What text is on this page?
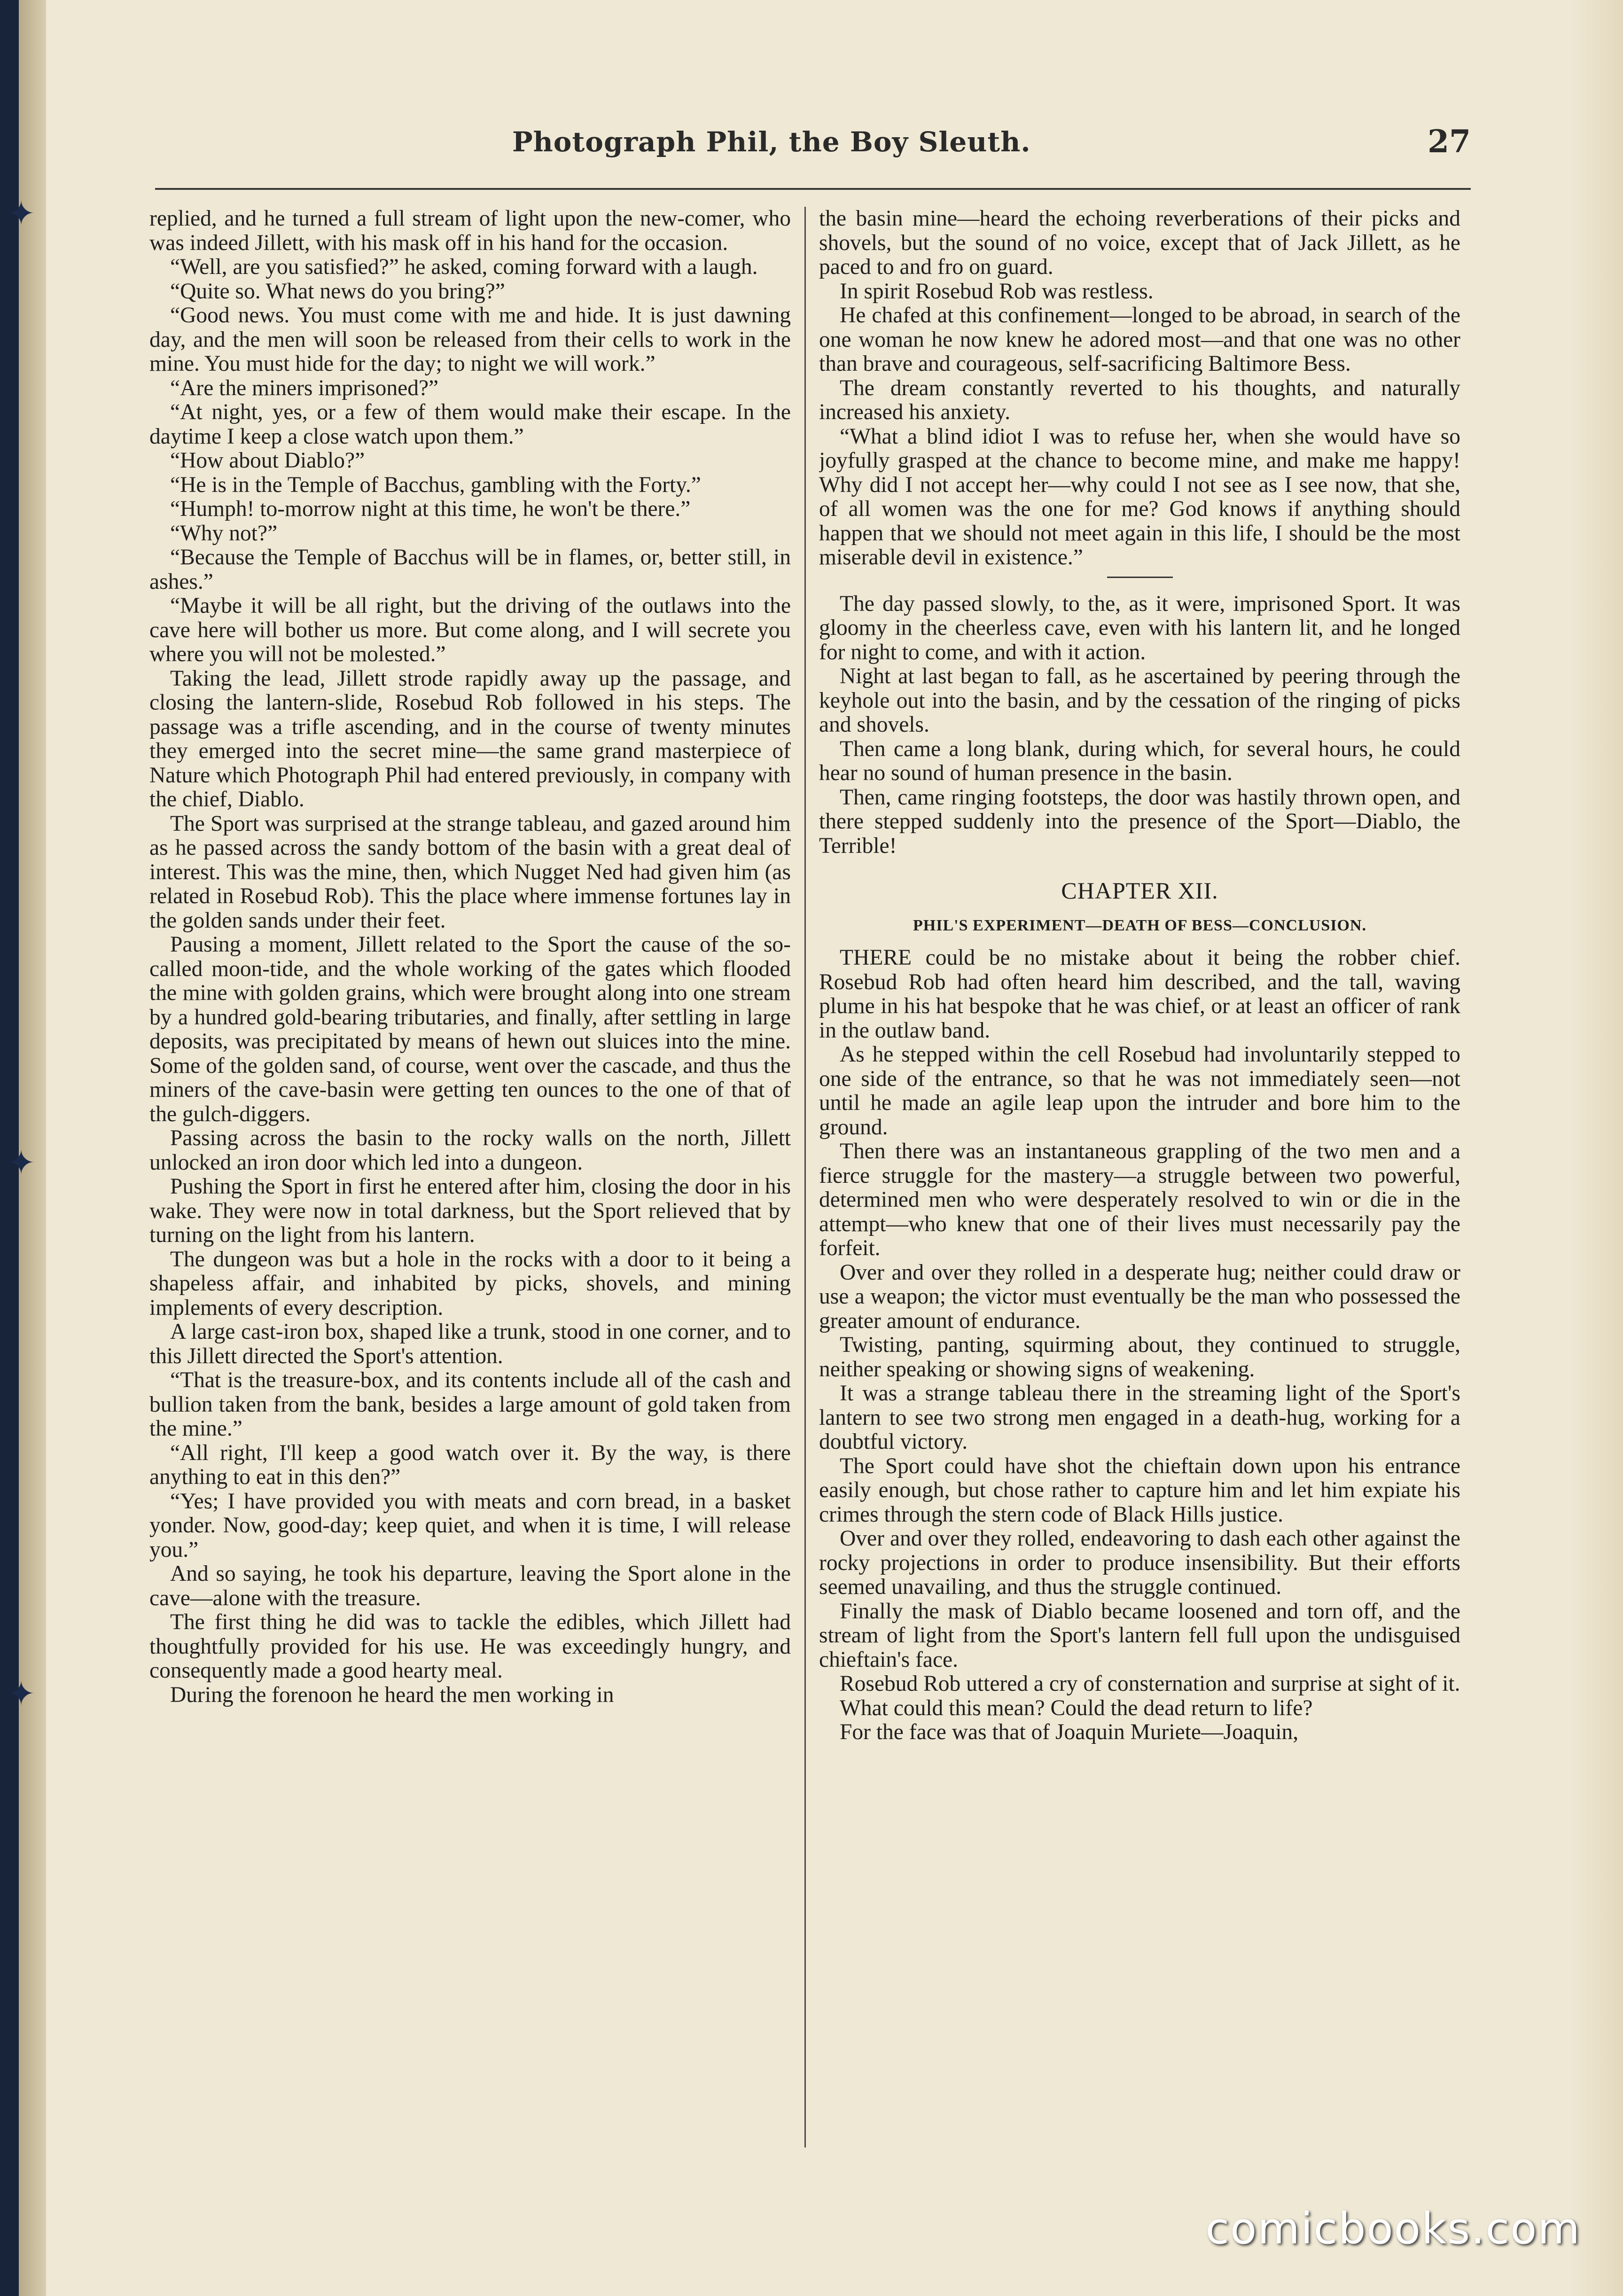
✦
✦
✦
Photograph Phil, the Boy Sleuth.	27

replied, and he turned a full stream of light upon the new-comer, who was indeed Jillett, with his mask off in his hand for the occasion.

“Well, are you satisfied?” he asked, coming forward with a laugh.

“Quite so. What news do you bring?”

“Good news. You must come with me and hide. It is just dawning day, and the men will soon be released from their cells to work in the mine. You must hide for the day; to night we will work.”

“Are the miners imprisoned?”

“At night, yes, or a few of them would make their escape. In the daytime I keep a close watch upon them.”

“How about Diablo?”

“He is in the Temple of Bacchus, gambling with the Forty.”

“Humph! to-morrow night at this time, he won't be there.”

“Why not?”

“Because the Temple of Bacchus will be in flames, or, better still, in ashes.”

“Maybe it will be all right, but the driving of the outlaws into the cave here will bother us more. But come along, and I will secrete you where you will not be molested.”

Taking the lead, Jillett strode rapidly away up the passage, and closing the lantern-slide, Rosebud Rob followed in his steps. The passage was a trifle ascending, and in the course of twenty minutes they emerged into the secret mine—the same grand masterpiece of Nature which Photograph Phil had entered previously, in company with the chief, Diablo.

The Sport was surprised at the strange tableau, and gazed around him as he passed across the sandy bottom of the basin with a great deal of interest. This was the mine, then, which Nugget Ned had given him (as related in Rosebud Rob). This the place where immense fortunes lay in the golden sands under their feet.

Pausing a moment, Jillett related to the Sport the cause of the so-called moon-tide, and the whole working of the gates which flooded the mine with golden grains, which were brought along into one stream by a hundred gold-bearing tributaries, and finally, after settling in large deposits, was precipitated by means of hewn out sluices into the mine. Some of the golden sand, of course, went over the cascade, and thus the miners of the cave-basin were getting ten ounces to the one of that of the gulch-diggers.

Passing across the basin to the rocky walls on the north, Jillett unlocked an iron door which led into a dungeon.

Pushing the Sport in first he entered after him, closing the door in his wake. They were now in total darkness, but the Sport relieved that by turning on the light from his lantern.

The dungeon was but a hole in the rocks with a door to it being a shapeless affair, and inhabited by picks, shovels, and mining implements of every description.

A large cast-iron box, shaped like a trunk, stood in one corner, and to this Jillett directed the Sport's attention.

“That is the treasure-box, and its contents include all of the cash and bullion taken from the bank, besides a large amount of gold taken from the mine.”

“All right, I'll keep a good watch over it. By the way, is there anything to eat in this den?”

“Yes; I have provided you with meats and corn bread, in a basket yonder. Now, good-day; keep quiet, and when it is time, I will release you.”

And so saying, he took his departure, leaving the Sport alone in the cave—alone with the treasure.

The first thing he did was to tackle the edibles, which Jillett had thoughtfully provided for his use. He was exceedingly hungry, and consequently made a good hearty meal.

During the forenoon he heard the men working in

the basin mine—heard the echoing reverberations of their picks and shovels, but the sound of no voice, except that of Jack Jillett, as he paced to and fro on guard.

In spirit Rosebud Rob was restless.

He chafed at this confinement—longed to be abroad, in search of the one woman he now knew he adored most—and that one was no other than brave and courageous, self-sacrificing Baltimore Bess.

The dream constantly reverted to his thoughts, and naturally increased his anxiety.

“What a blind idiot I was to refuse her, when she would have so joyfully grasped at the chance to become mine, and make me happy! Why did I not accept her—why could I not see as I see now, that she, of all women was the one for me? God knows if anything should happen that we should not meet again in this life, I should be the most miserable devil in existence.”

The day passed slowly, to the, as it were, imprisoned Sport. It was gloomy in the cheerless cave, even with his lantern lit, and he longed for night to come, and with it action.

Night at last began to fall, as he ascertained by peering through the keyhole out into the basin, and by the cessation of the ringing of picks and shovels.

Then came a long blank, during which, for several hours, he could hear no sound of human presence in the basin.

Then, came ringing footsteps, the door was hastily thrown open, and there stepped suddenly into the presence of the Sport—Diablo, the Terrible!

CHAPTER XII.
PHIL'S EXPERIMENT—DEATH OF BESS—CONCLUSION.

THERE could be no mistake about it being the robber chief. Rosebud Rob had often heard him described, and the tall, waving plume in his hat bespoke that he was chief, or at least an officer of rank in the outlaw band.

As he stepped within the cell Rosebud had involuntarily stepped to one side of the entrance, so that he was not immediately seen—not until he made an agile leap upon the intruder and bore him to the ground.

Then there was an instantaneous grappling of the two men and a fierce struggle for the mastery—a struggle between two powerful, determined men who were desperately resolved to win or die in the attempt—who knew that one of their lives must necessarily pay the forfeit.

Over and over they rolled in a desperate hug; neither could draw or use a weapon; the victor must eventually be the man who possessed the greater amount of endurance.

Twisting, panting, squirming about, they continued to struggle, neither speaking or showing signs of weakening.

It was a strange tableau there in the streaming light of the Sport's lantern to see two strong men engaged in a death-hug, working for a doubtful victory.

The Sport could have shot the chieftain down upon his entrance easily enough, but chose rather to capture him and let him expiate his crimes through the stern code of Black Hills justice.

Over and over they rolled, endeavoring to dash each other against the rocky projections in order to produce insensibility. But their efforts seemed unavailing, and thus the struggle continued.

Finally the mask of Diablo became loosened and torn off, and the stream of light from the Sport's lantern fell full upon the undisguised chieftain's face.

Rosebud Rob uttered a cry of consternation and surprise at sight of it.

What could this mean? Could the dead return to life?

For the face was that of Joaquin Muriete—Joaquin,

comicbooks.com
